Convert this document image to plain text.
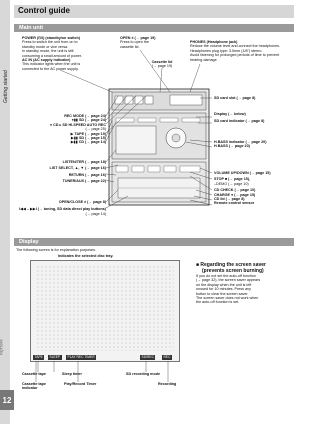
Getting started
RQT6049
12
Control guide
Main unit
POWER (⏻/I) (standby/on switch)
Press to switch the unit from on to
standby mode or vice versa.
In standby mode, the unit is still
consuming a small amount of power.
AC IN (AC supply indicator)
This indicator lights when the unit is
connected to the AC power supply.
OPEN ≠ (→ page 19)
Press to open the
cassette lid.
Cassette lid
(→ page 19)
PHONES (Headphone jack)
Reduce the volume level and connect the headphones.
Headphones plug type: 3.5mm (1/8") stereo.
Avoid listening for prolonged periods of time to prevent
hearing damage.
REC MODE (→ page 24)
●▮▮ SD (→ page 24)
● CD ▸ SD HI-SPEED AUTO REC
(→ page 25)
▶ TAPE (→ page 19)
▶▮▮ SD (→ page 15)
▶▮▮ CD (→ page 14)
LISTEN/TER (→ page 18)
LIST SELECT, ▲, ▼ (→ page 16)
RETURN (→ page 16)
TUNER/AUX (→ page 22)
OPEN/CLOSE ≠ (→ page 8)
I◀◀ – ▶▶I (→ tuning, SD data direct play buttons)
(→ page 14)
SD card slot (→ page 8)
Display (→ below)
SD card indicator (→ page 8)
H.BASS indicator (→ page 20)
H.BASS (→ page 20)
VOLUME UP/DOWN (→ page 15)
STOP ■ (→ page 15),
–DEMO (→ page 10)
CD CHECK (→ page 10)
CHARGE ● (→ page 15)
CD lid (→ page 8)
Remote control sensor
Display
The following screen is for explanation purposes.
Indicates the selected disc tray.
TAPE	SLEEP	PLAY REC TIMER	SD/REC	REC
Cassette tape	Sleep timer	SD recording mode
Cassette tape indicator
Play/Record Timer	Recording
■ Regarding the screen saver
(prevents screen burning)
If you do not set the auto-off function
(→ page 32), the screen saver appears
on the display when the unit is left
unused for 10 minutes. Press any
button to clear the screen saver.
The screen saver does not work when
the auto-off function is set.
